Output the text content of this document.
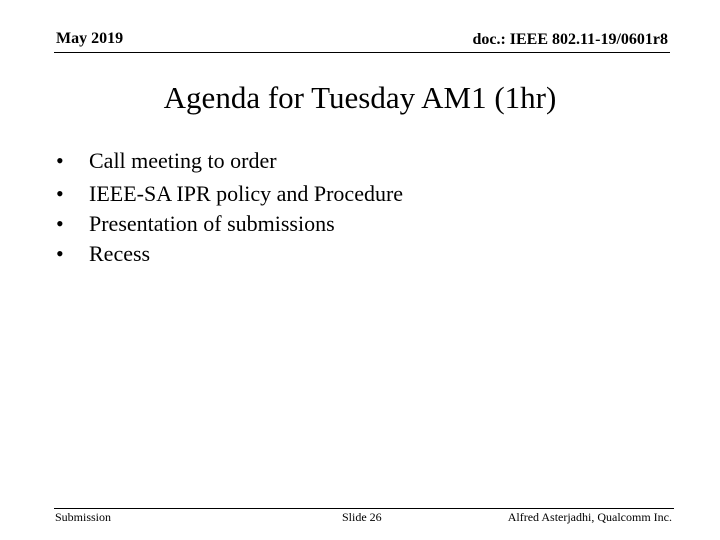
May 2019	doc.: IEEE 802.11-19/0601r8
Agenda for Tuesday AM1 (1hr)
•	Call meeting to order
•	IEEE-SA IPR policy and Procedure
•	Presentation of submissions
•	Recess
Submission	Slide 26	Alfred Asterjadhi, Qualcomm Inc.
